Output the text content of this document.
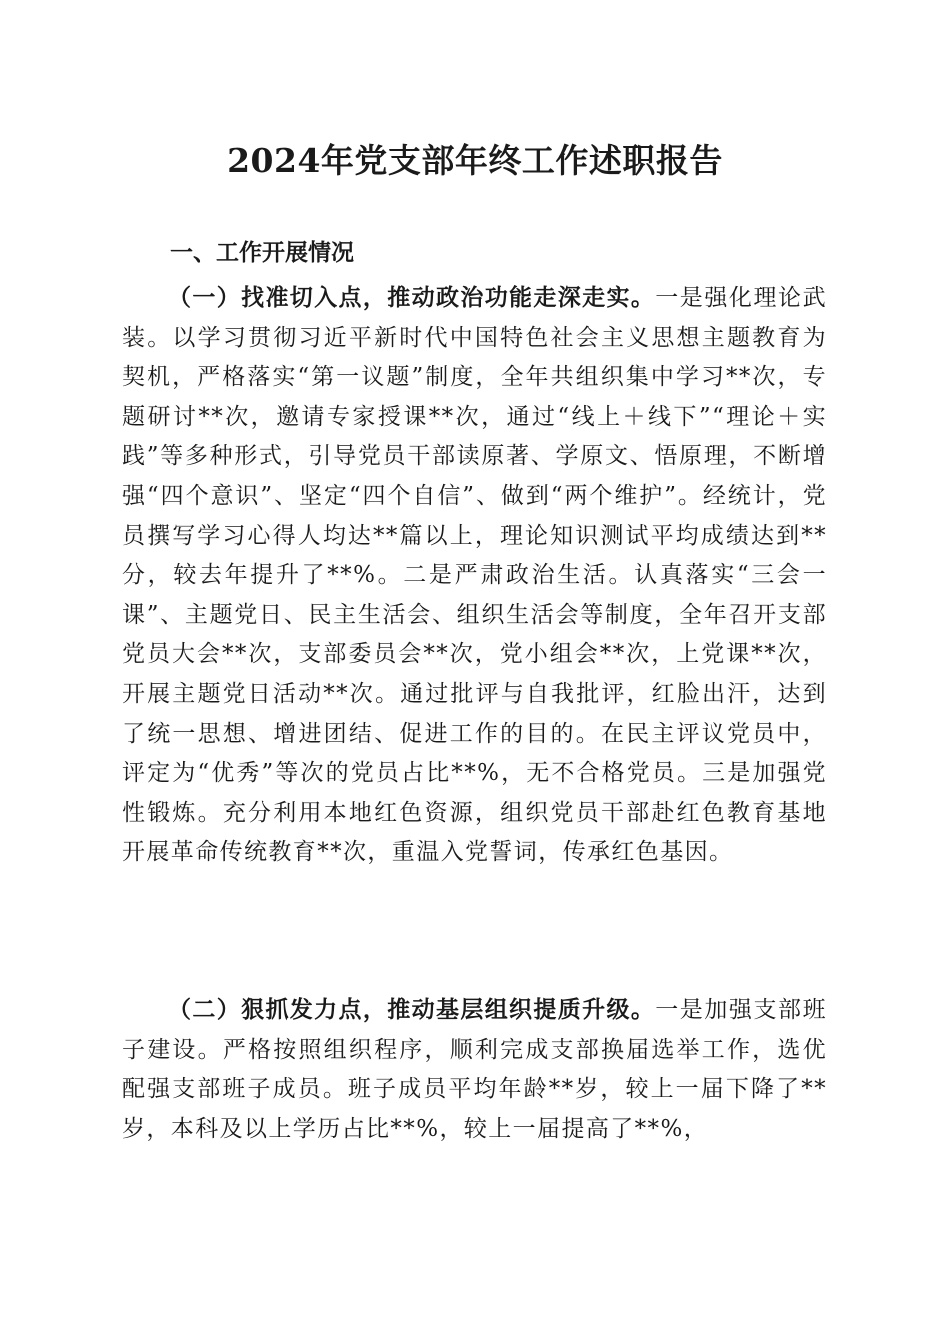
2024年党支部年终工作述职报告
一、工作开展情况

（一）找准切入点，推动政治功能走深走实。一是强化理论武装。以学习贯彻习近平新时代中国特色社会主义思想主题教育为契机，严格落实“第一议题”制度，全年共组织集中学习**次，专题研讨**次，邀请专家授课**次，通过“线上＋线下”“理论＋实践”等多种形式，引导党员干部读原著、学原文、悟原理，不断增强“四个意识”、坚定“四个自信”、做到“两个维护”。经统计，党员撰写学习心得人均达**篇以上，理论知识测试平均成绩达到**分，较去年提升了**%。二是严肃政治生活。认真落实“三会一课”、主题党日、民主生活会、组织生活会等制度，全年召开支部党员大会**次，支部委员会**次，党小组会**次，上党课**次，开展主题党日活动**次。通过批评与自我批评，红脸出汗，达到了统一思想、增进团结、促进工作的目的。在民主评议党员中，评定为“优秀”等次的党员占比**%，无不合格党员。三是加强党性锻炼。充分利用本地红色资源，组织党员干部赴红色教育基地开展革命传统教育**次，重温入党誓词，传承红色基因。

（二）狠抓发力点，推动基层组织提质升级。一是加强支部班子建设。严格按照组织程序，顺利完成支部换届选举工作，选优配强支部班子成员。班子成员平均年龄**岁，较上一届下降了**岁，本科及以上学历占比**%，较上一届提高了**%，
